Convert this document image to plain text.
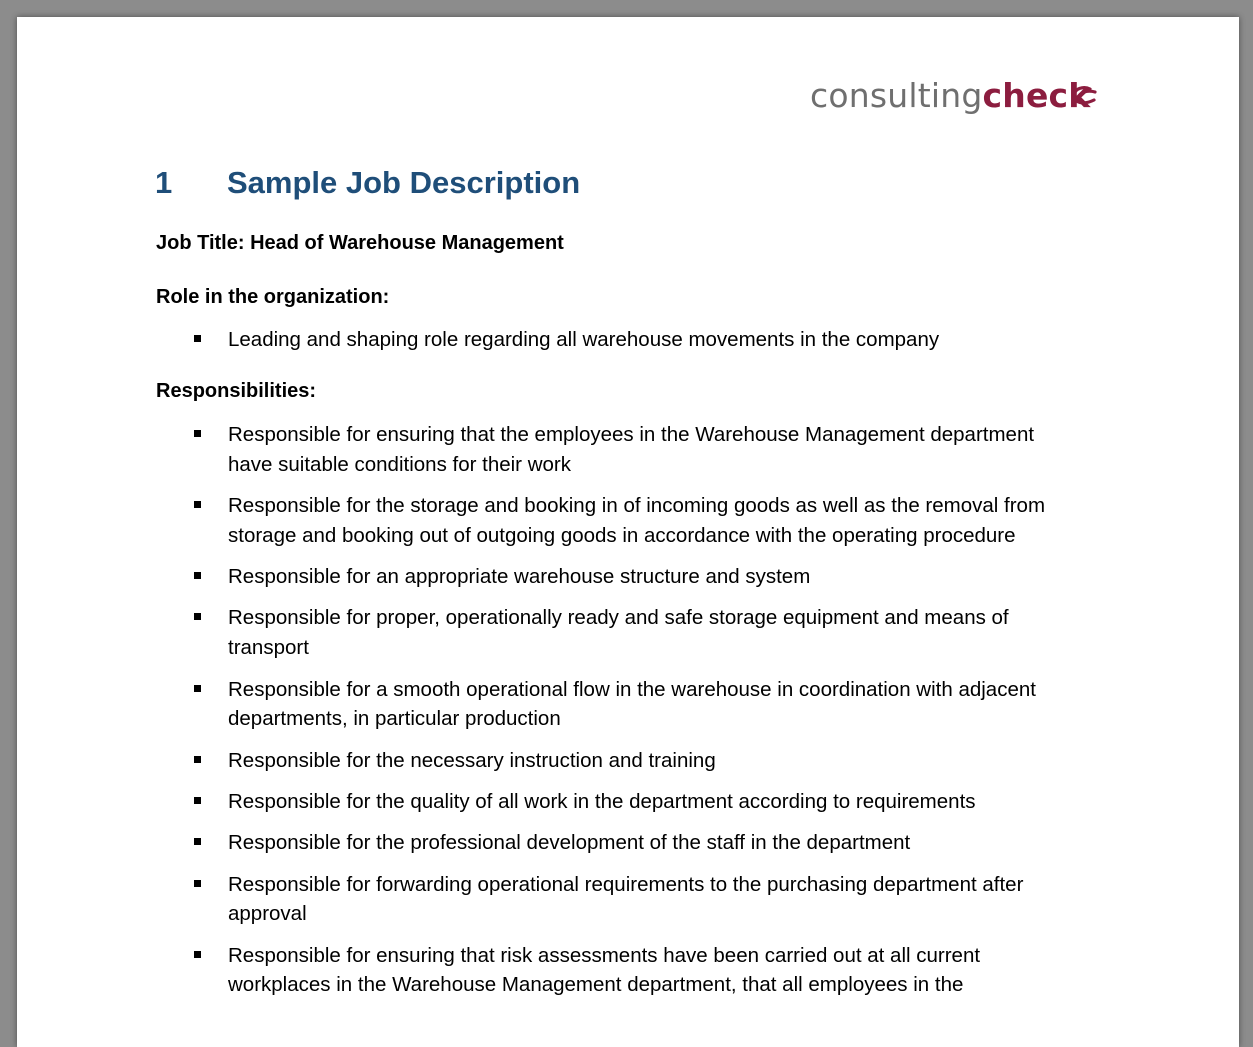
consultingcheck
1 Sample Job Description
Job Title: Head of Warehouse Management
Role in the organization:
Leading and shaping role regarding all warehouse movements in the company
Responsibilities:
Responsible for ensuring that the employees in the Warehouse Management department have suitable conditions for their work
Responsible for the storage and booking in of incoming goods as well as the removal from storage and booking out of outgoing goods in accordance with the operating procedure
Responsible for an appropriate warehouse structure and system
Responsible for proper, operationally ready and safe storage equipment and means of transport
Responsible for a smooth operational flow in the warehouse in coordination with adjacent departments, in particular production
Responsible for the necessary instruction and training
Responsible for the quality of all work in the department according to requirements
Responsible for the professional development of the staff in the department
Responsible for forwarding operational requirements to the purchasing department after approval
Responsible for ensuring that risk assessments have been carried out at all current workplaces in the Warehouse Management department, that all employees in the
